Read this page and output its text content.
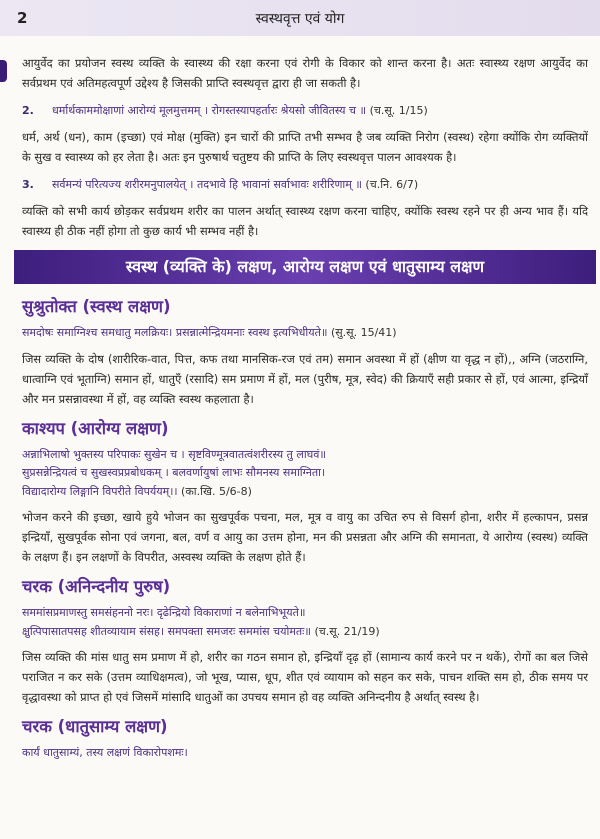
2	स्वस्थवृत्त एवं योग

आयुर्वेद का प्रयोजन स्वस्थ व्यक्ति के स्वास्थ्य की रक्षा करना एवं रोगी के विकार को शान्त करना है। अतः स्वास्थ्य रक्षण आयुर्वेद का सर्वप्रथम एवं अतिमहत्वपूर्ण उद्देश्य है जिसकी प्राप्ति स्वस्थवृत्त द्वारा ही जा सकती है।

2.	धर्मार्थकाममोक्षाणां आरोग्यं मूलमुत्तमम् । रोगस्तस्यापहर्तारः श्रेयसो जीवितस्य च ॥ (च.सू. 1/15)

धर्म, अर्थ (धन), काम (इच्छा) एवं मोक्ष (मुक्ति) इन चारों की प्राप्ति तभी सम्भव है जब व्यक्ति निरोग (स्वस्थ) रहेगा क्योंकि रोग व्यक्तियों के सुख व स्वास्थ्य को हर लेता है। अतः इन पुरुषार्थ चतुष्टय की प्राप्ति के लिए स्वस्थवृत्त पालन आवश्यक है।

3.	सर्वमन्यं परित्यज्य शरीरमनुपालयेत् । तदभावे हि भावानां सर्वाभावः शरीरिणाम् ॥ (च.नि. 6/7)

व्यक्ति को सभी कार्य छोड़कर सर्वप्रथम शरीर का पालन अर्थात् स्वास्थ्य रक्षण करना चाहिए, क्योंकि स्वस्थ रहने पर ही अन्य भाव हैं। यदि स्वास्थ्य ही ठीक नहीं होगा तो कुछ कार्य भी सम्भव नहीं है।

स्वस्थ (व्यक्ति के) लक्षण, आरोग्य लक्षण एवं धातुसाम्य लक्षण
सुश्रुतोक्त (स्वस्थ लक्षण)

समदोषः समाग्निश्च समधातु मलक्रियः। प्रसन्नात्मेन्द्रियमनाः स्वस्थ इत्यभिधीयते॥ (सु.सू. 15/41)

जिस व्यक्ति के दोष (शारीरिक-वात, पित्त, कफ तथा मानसिक-रज एवं तम) समान अवस्था में हों (क्षीण या वृद्ध न हों),, अग्नि (जठराग्नि, धात्वाग्नि एवं भूताग्नि) समान हों, धातुएँ (रसादि) सम प्रमाण में हों, मल (पुरीष, मूत्र, स्वेद) की क्रियाएँ सही प्रकार से हों, एवं आत्मा, इन्द्रियाँ और मन प्रसन्नावस्था में हों, वह व्यक्ति स्वस्थ कहलाता है।

काश्यप (आरोग्य लक्षण)

अन्नाभिलाषो भुक्तस्य परिपाकः सुखेन च । सृष्टविण्मूत्रवातत्वंशरीरस्य तु लाघवं॥

सुप्रसन्नेन्द्रियत्वं च सुखस्वप्रप्रबोधकम् । बलवर्णायुषां लाभः सौमनस्य समाग्निता।

विद्यादारोग्य लिङ्गानि विपरीते विपर्ययम्।। (का.खि. 5/6-8)

भोजन करने की इच्छा, खाये हुये भोजन का सुखपूर्वक पचना, मल, मूत्र व वायु का उचित रुप से विसर्ग होना, शरीर में हल्कापन, प्रसन्न इन्द्रियाँ, सुखपूर्वक सोना एवं जगना, बल, वर्ण व आयु का उत्तम होना, मन की प्रसन्नता और अग्नि की समानता, ये आरोग्य (स्वस्थ) व्यक्ति के लक्षण हैं। इन लक्षणों के विपरीत, अस्वस्थ व्यक्ति के लक्षण होते हैं।

चरक (अनिन्दनीय पुरुष)

सममांसप्रमाणस्तु समसंहननो नरः। दृढेन्द्रियो विकाराणां न बलेनाभिभूयते॥

क्षुत्पिपासातपसह शीतव्यायाम संसह। समपक्ता समजरः सममांस चयोमतः॥ (च.सू. 21/19)

जिस व्यक्ति की मांस धातु सम प्रमाण में हो, शरीर का गठन समान हो, इन्द्रियाँ दृढ़ हों (सामान्य कार्य करने पर न थकें), रोगों का बल जिसे पराजित न कर सके (उत्तम व्याधिक्षमत्व), जो भूख, प्यास, धूप, शीत एवं व्यायाम को सहन कर सके, पाचन शक्ति सम हो, ठीक समय पर वृद्धावस्था को प्राप्त हो एवं जिसमें मांसादि धातुओं का उपचय समान हो वह व्यक्ति अनिन्दनीय है अर्थात् स्वस्थ है।

चरक (धातुसाम्य लक्षण)

कार्यं धातुसाम्यं, तस्य लक्षणं विकारोपशमः।
